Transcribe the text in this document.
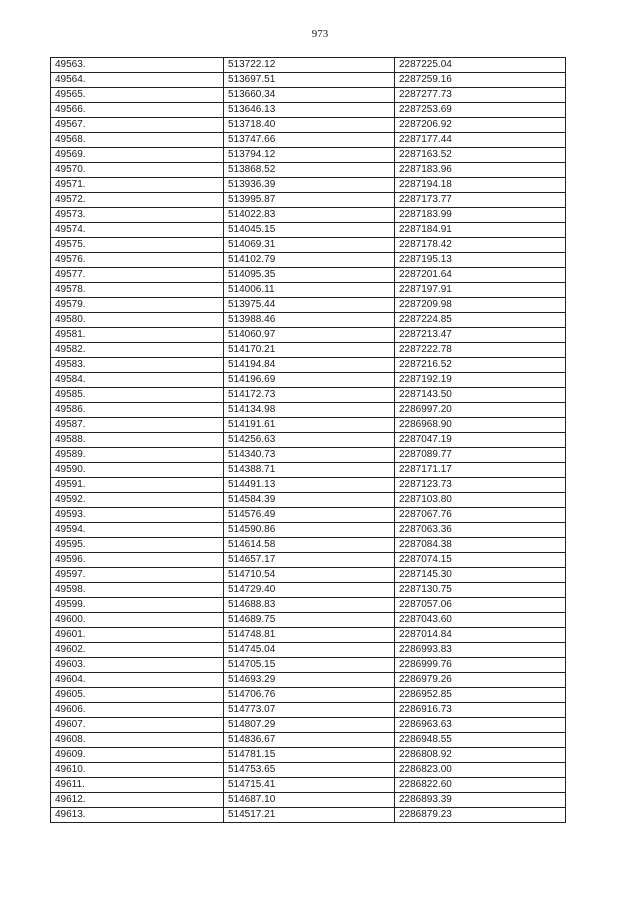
973
49563.	513722.12	2287225.04
49564.	513697.51	2287259.16
49565.	513660.34	2287277.73
49566.	513646.13	2287253.69
49567.	513718.40	2287206.92
49568.	513747.66	2287177.44
49569.	513794.12	2287163.52
49570.	513868.52	2287183.96
49571.	513936.39	2287194.18
49572.	513995.87	2287173.77
49573.	514022.83	2287183.99
49574.	514045.15	2287184.91
49575.	514069.31	2287178.42
49576.	514102.79	2287195.13
49577.	514095.35	2287201.64
49578.	514006.11	2287197.91
49579.	513975.44	2287209.98
49580.	513988.46	2287224.85
49581.	514060.97	2287213.47
49582.	514170.21	2287222.78
49583.	514194.84	2287216.52
49584.	514196.69	2287192.19
49585.	514172.73	2287143.50
49586.	514134.98	2286997.20
49587.	514191.61	2286968.90
49588.	514256.63	2287047.19
49589.	514340.73	2287089.77
49590.	514388.71	2287171.17
49591.	514491.13	2287123.73
49592.	514584.39	2287103.80
49593.	514576.49	2287067.76
49594.	514590.86	2287063.36
49595.	514614.58	2287084.38
49596.	514657.17	2287074.15
49597.	514710.54	2287145.30
49598.	514729.40	2287130.75
49599.	514688.83	2287057.06
49600.	514689.75	2287043.60
49601.	514748.81	2287014.84
49602.	514745.04	2286993.83
49603.	514705.15	2286999.76
49604.	514693.29	2286979.26
49605.	514706.76	2286952.85
49606.	514773.07	2286916.73
49607.	514807.29	2286963.63
49608.	514836.67	2286948.55
49609.	514781.15	2286808.92
49610.	514753.65	2286823.00
49611.	514715.41	2286822.60
49612.	514687.10	2286893.39
49613.	514517.21	2286879.23
